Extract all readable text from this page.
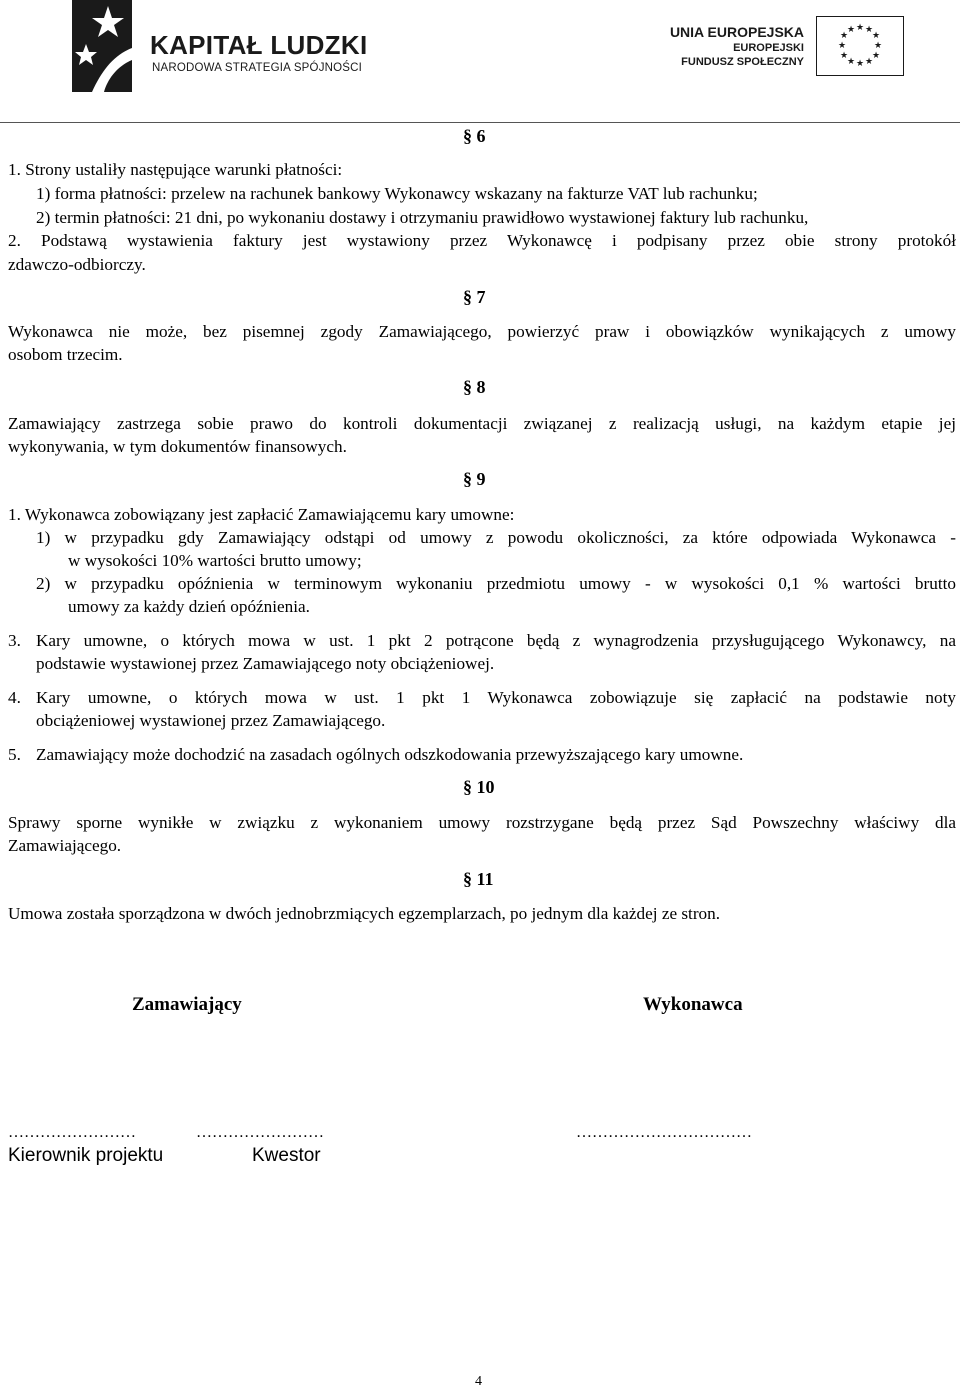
KAPITAŁ LUDZKI
NARODOWA STRATEGIA SPÓJNOŚCI
UNIA EUROPEJSKA
EUROPEJSKI
FUNDUSZ SPOŁECZNY
★ ★
★
★
★
★
★
★
★
★
★
★
§ 6
1. Strony ustaliły następujące warunki płatności:
1) forma płatności: przelew na rachunek bankowy Wykonawcy wskazany na fakturze VAT lub rachunku;
2) termin płatności: 21 dni, po wykonaniu dostawy i otrzymaniu prawidłowo wystawionej faktury lub rachunku,
2. Podstawą wystawienia faktury jest wystawiony przez Wykonawcę i podpisany przez obie strony protokół
zdawczo-odbiorczy.
§ 7
Wykonawca nie może, bez pisemnej zgody Zamawiającego, powierzyć praw i obowiązków wynikających z umowy
osobom trzecim.
§ 8
Zamawiający zastrzega sobie prawo do kontroli dokumentacji związanej z realizacją usługi, na każdym etapie jej
wykonywania, w tym dokumentów finansowych.
§ 9
1. Wykonawca zobowiązany jest zapłacić Zamawiającemu kary umowne:
1) w przypadku gdy Zamawiający odstąpi od umowy z powodu okoliczności, za które odpowiada Wykonawca -
w wysokości 10% wartości brutto umowy;
2) w przypadku opóźnienia w terminowym wykonaniu przedmiotu umowy - w wysokości 0,1 % wartości brutto
umowy za każdy dzień opóźnienia.
3. Kary umowne, o których mowa w ust. 1 pkt 2 potrącone będą z wynagrodzenia przysługującego Wykonawcy, na
podstawie wystawionej przez Zamawiającego noty obciążeniowej.
4. Kary umowne, o których mowa w ust. 1 pkt 1 Wykonawca zobowiązuje się zapłacić na podstawie noty
obciążeniowej wystawionej przez Zamawiającego.
5. Zamawiający może dochodzić na zasadach ogólnych odszkodowania przewyższającego kary umowne.
§ 10
Sprawy sporne wynikłe w związku z wykonaniem umowy rozstrzygane będą przez Sąd Powszechny właściwy dla
Zamawiającego.
§ 11
Umowa została sporządzona w dwóch jednobrzmiących egzemplarzach, po jednym dla każdej ze stron.
Zamawiający	Wykonawca
……………………	……………………	……………………………
Kierownik projektu	Kwestor
4
